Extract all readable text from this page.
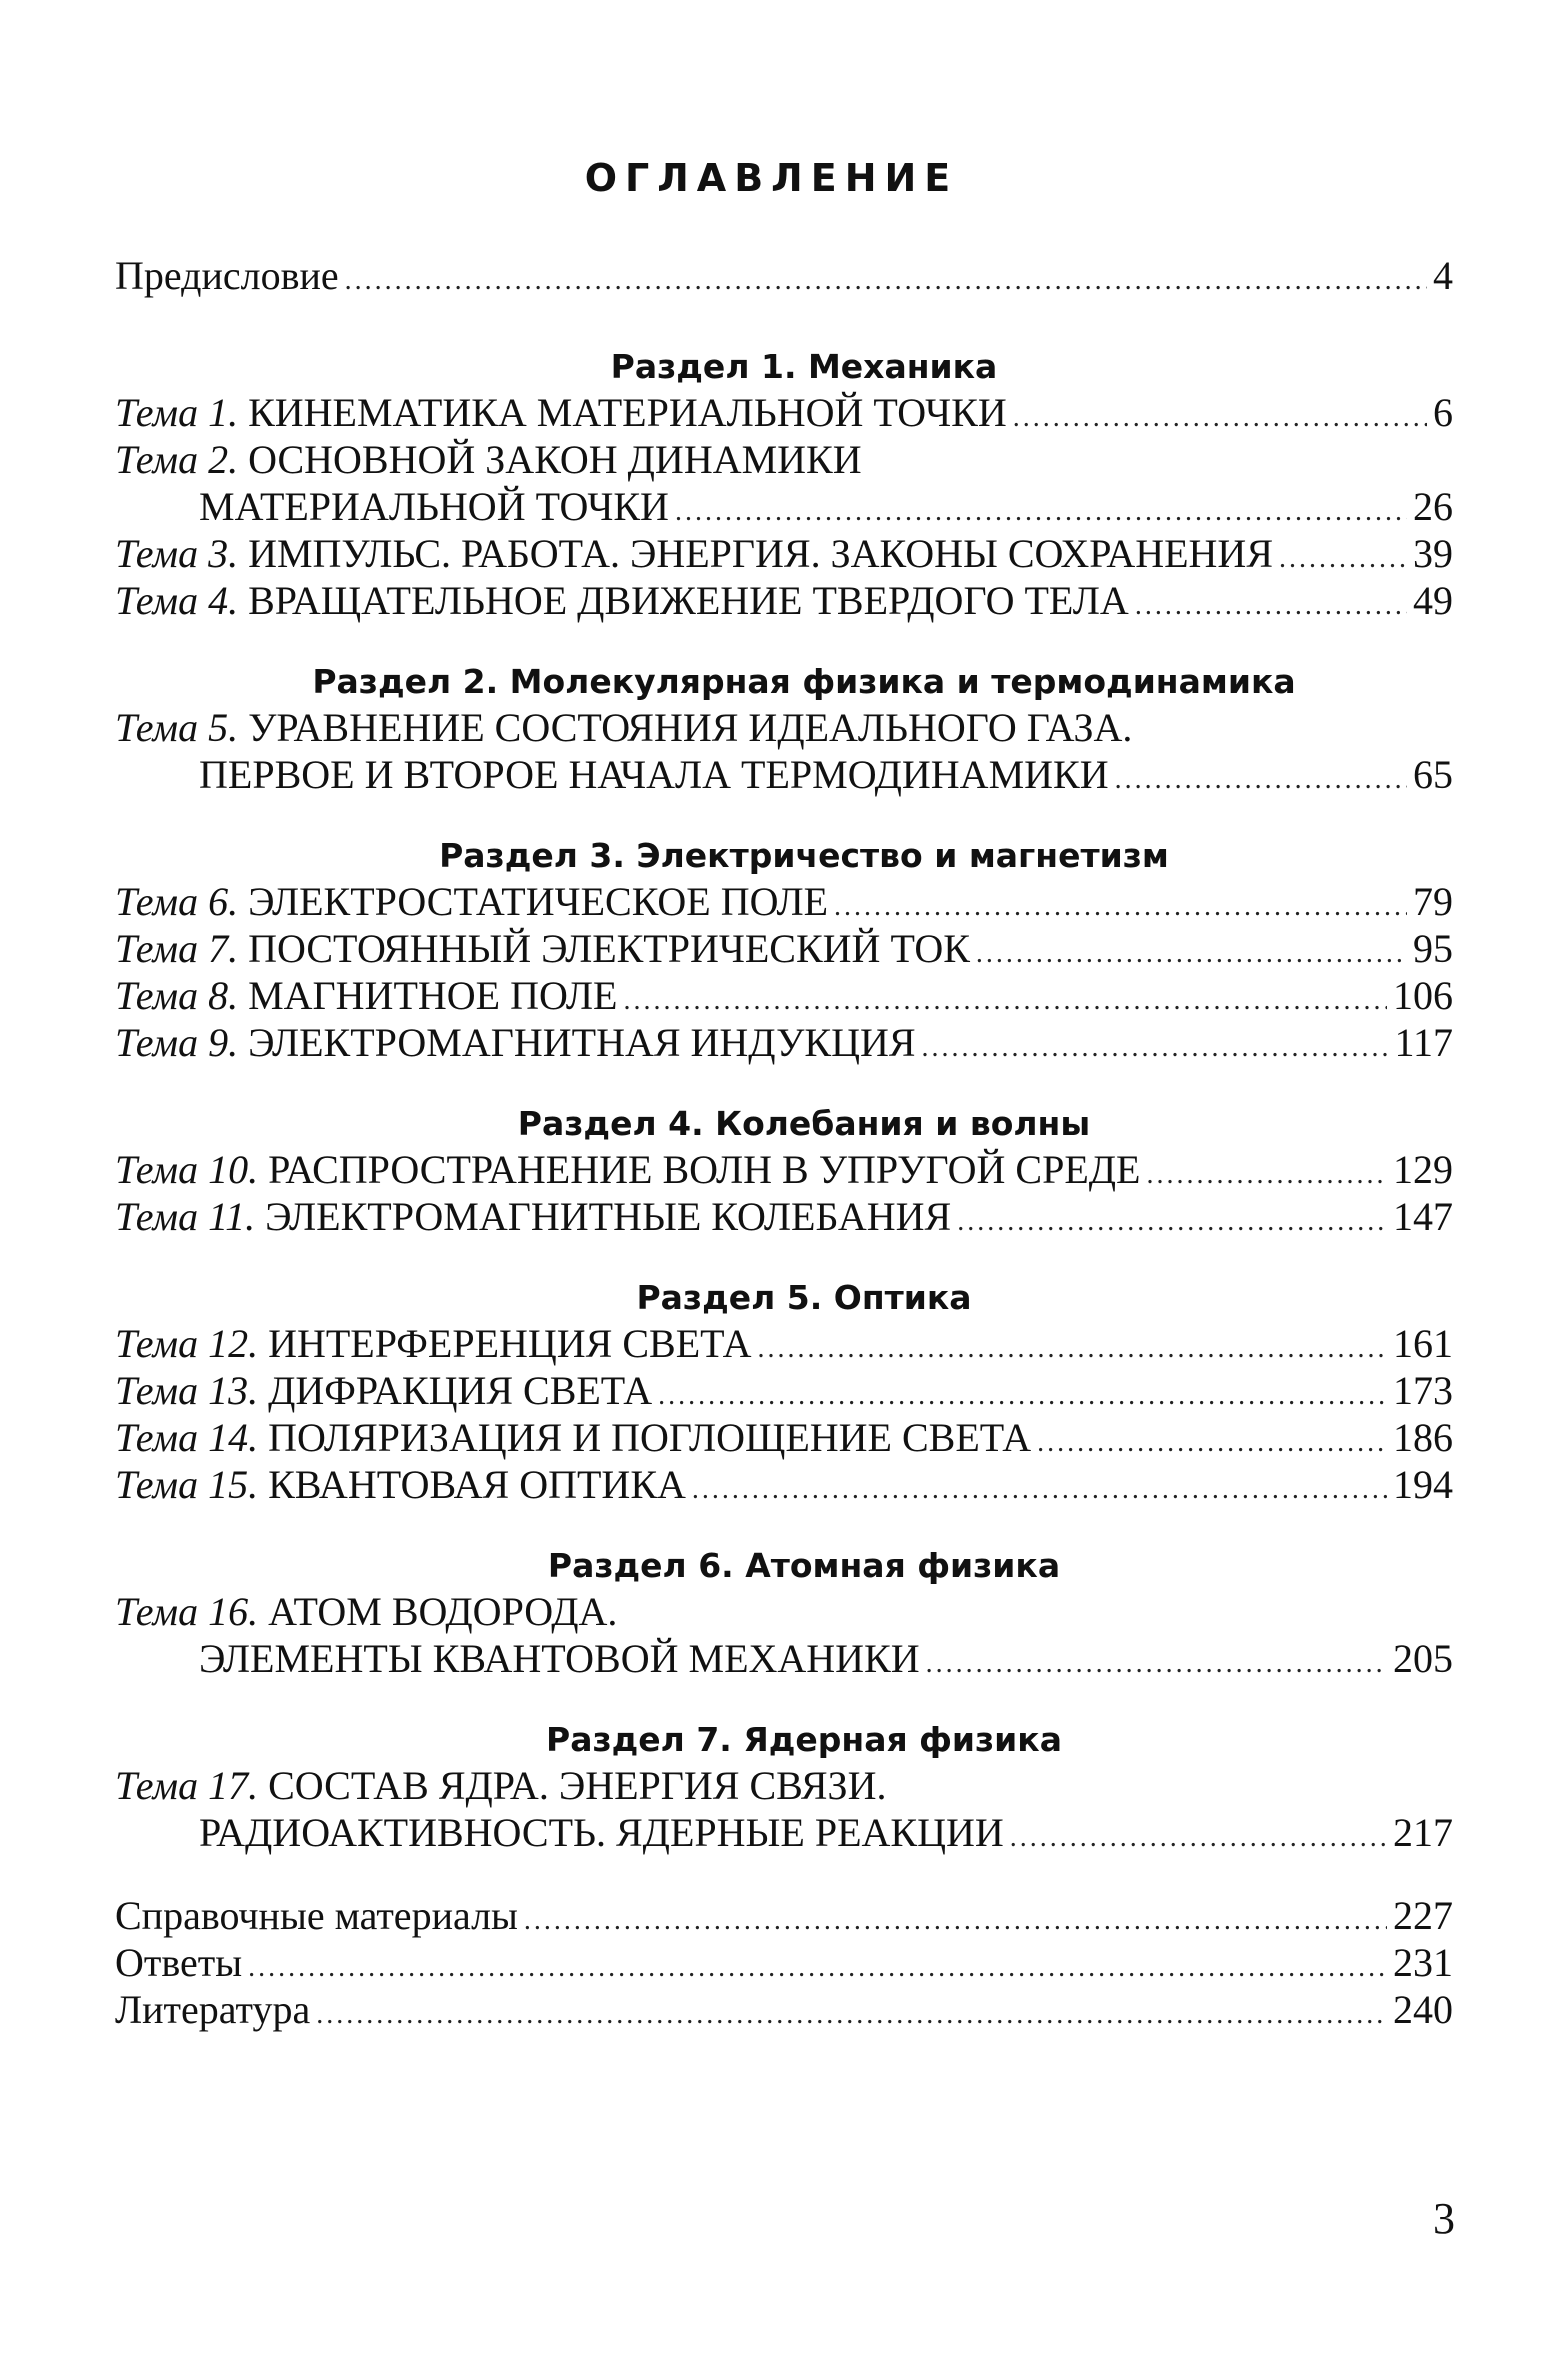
ОГЛАВЛЕНИЕ
Предисловие .....	4
Раздел 1. Механика
Тема 1. КИНЕМАТИКА МАТЕРИАЛЬНОЙ ТОЧКИ .....	6
Тема 2. ОСНОВНОЙ ЗАКОН ДИНАМИКИ
МАТЕРИАЛЬНОЙ ТОЧКИ .....	26
Тема 3. ИМПУЛЬС. РАБОТА. ЭНЕРГИЯ. ЗАКОНЫ СОХРАНЕНИЯ .....	39
Тема 4. ВРАЩАТЕЛЬНОЕ ДВИЖЕНИЕ ТВЕРДОГО ТЕЛА .....	49
Раздел 2. Молекулярная физика и термодинамика
Тема 5. УРАВНЕНИЕ СОСТОЯНИЯ ИДЕАЛЬНОГО ГАЗА.
ПЕРВОЕ И ВТОРОЕ НАЧАЛА ТЕРМОДИНАМИКИ .....	65
Раздел 3. Электричество и магнетизм
Тема 6. ЭЛЕКТРОСТАТИЧЕСКОЕ ПОЛЕ .....	79
Тема 7. ПОСТОЯННЫЙ ЭЛЕКТРИЧЕСКИЙ ТОК .....	95
Тема 8. МАГНИТНОЕ ПОЛЕ .....	106
Тема 9. ЭЛЕКТРОМАГНИТНАЯ ИНДУКЦИЯ .....	117
Раздел 4. Колебания и волны
Тема 10. РАСПРОСТРАНЕНИЕ ВОЛН В УПРУГОЙ СРЕДЕ .....	129
Тема 11. ЭЛЕКТРОМАГНИТНЫЕ КОЛЕБАНИЯ .....	147
Раздел 5. Оптика
Тема 12. ИНТЕРФЕРЕНЦИЯ СВЕТА .....	161
Тема 13. ДИФРАКЦИЯ СВЕТА .....	173
Тема 14. ПОЛЯРИЗАЦИЯ И ПОГЛОЩЕНИЕ СВЕТА .....	186
Тема 15. КВАНТОВАЯ ОПТИКА .....	194
Раздел 6. Атомная физика
Тема 16. АТОМ ВОДОРОДА.
ЭЛЕМЕНТЫ КВАНТОВОЙ МЕХАНИКИ .....	205
Раздел 7. Ядерная физика
Тема 17. СОСТАВ ЯДРА. ЭНЕРГИЯ СВЯЗИ.
РАДИОАКТИВНОСТЬ. ЯДЕРНЫЕ РЕАКЦИИ .....	217
Справочные материалы .....	227
Ответы .....	231
Литература .....	240
3
